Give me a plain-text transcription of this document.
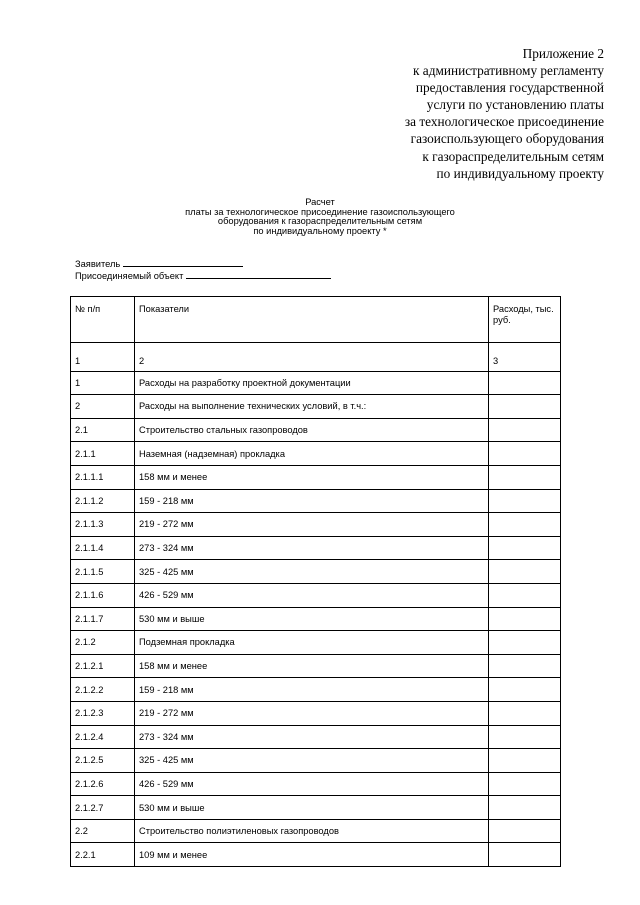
Приложение 2
к административному регламенту
предоставления государственной
услуги по установлению платы
за технологическое присоединение
газоиспользующего оборудования
к газораспределительным сетям
по индивидуальному проекту
Расчет
платы за технологическое присоединение газоиспользующего
оборудования к газораспределительным сетям
по индивидуальному проекту *
Заявитель
Присоединяемый объект
№ п/п	Показатели	Расходы, тыс. руб.
1	2	3
1	Расходы на разработку проектной документации	
2	Расходы на выполнение технических условий, в т.ч.:	
2.1	Строительство стальных газопроводов	
2.1.1	Наземная (надземная) прокладка	
2.1.1.1	158 мм и менее	
2.1.1.2	159 - 218 мм	
2.1.1.3	219 - 272 мм	
2.1.1.4	273 - 324 мм	
2.1.1.5	325 - 425 мм	
2.1.1.6	426 - 529 мм	
2.1.1.7	530 мм и выше	
2.1.2	Подземная прокладка	
2.1.2.1	158 мм и менее	
2.1.2.2	159 - 218 мм	
2.1.2.3	219 - 272 мм	
2.1.2.4	273 - 324 мм	
2.1.2.5	325 - 425 мм	
2.1.2.6	426 - 529 мм	
2.1.2.7	530 мм и выше	
2.2	Строительство полиэтиленовых газопроводов	
2.2.1	109 мм и менее	
